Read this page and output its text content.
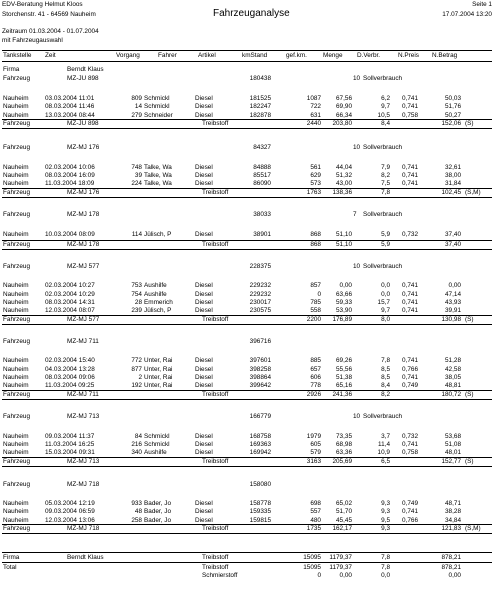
EDV-Beratung Helmut Kloos
Storchenstr. 41 - 64569 Nauheim	Fahrzeuganalyse
Seite 1
17.07.2004 13:20
Zeitraum 01.03.2004 - 01.07.2004
mit Fahrzeugauswahl
Tankstelle Zeit	Vorgang	Fahrer	Artikel	kmStand	gef.km.	Menge D.Verbr.	N.Preis N.Betrag
Firma	Berndt Klaus
Fahrzeug	MZ-JU 898	180438	10 Sollverbrauch
Nauheim	03.03.2004 11:01	809 Schmickl	Diesel	181525	1087 67,56	6,2 0,741	50,03
Nauheim	08.03.2004 11:46	14 Schmickl	Diesel	182247	722 69,90	9,7 0,741	51,76
Nauheim	13.03.2004 08:44	279 Schneider	Diesel	182878	631 66,34	10,5 0,758	50,27
Fahrzeug	MZ-JU 898	Treibstoff	2440 203,80	8,4	152,06 (S)
Fahrzeug	MZ-MJ 176	84327	10 Sollverbrauch
Nauheim	02.03.2004 10:06	748 Talke, Wa	Diesel	84888	561 44,04	7,9 0,741	32,61
Nauheim	08.03.2004 16:09	39 Talke, Wa	Diesel	85517	629 51,32	8,2 0,741	38,00
Nauheim	11.03.2004 18:09	224 Talke, Wa	Diesel	86090	573 43,00	7,5 0,741	31,84
Fahrzeug	MZ-MJ 176	Treibstoff	1763 138,36	7,8	102,45 (S,M)
Fahrzeug	MZ-MJ 178	38033	7 Sollverbrauch
Nauheim	10.03.2004 08:09	114 Jülisch, P	Diesel	38901	868 51,10	5,9 0,732	37,40
Fahrzeug	MZ-MJ 178	Treibstoff	868 51,10	5,9	37,40
Fahrzeug	MZ-MJ 577	228375	10 Sollverbrauch
Nauheim	02.03.2004 10:27	753 Aushilfe	Diesel	229232	857	0,00	0,0 0,741	0,00
Nauheim	02.03.2004 10:29	754 Aushilfe	Diesel	229232	0 63,66	0,0 0,741	47,14
Nauheim	08.03.2004 14:31	28 Emmerich	Diesel	230017	785 59,33	15,7 0,741	43,93
Nauheim	12.03.2004 08:07	239 Jülisch, P	Diesel	230575	558 53,90	9,7 0,741	39,91
Fahrzeug	MZ-MJ 577	Treibstoff	2200 176,89	8,0	130,98 (S)
Fahrzeug	MZ-MJ 711	396716
Nauheim	02.03.2004 15:40	772 Unter, Rai	Diesel	397601	885 69,26	7,8 0,741	51,28
Nauheim	04.03.2004 13:28	877 Unter, Rai	Diesel	398258	657 55,56	8,5 0,766	42,58
Nauheim	08.03.2004 09:06	2 Unter, Rai	Diesel	398864	606 51,38	8,5 0,741	38,05
Nauheim	11.03.2004 09:25	192 Unter, Rai	Diesel	399642	778 65,16	8,4 0,749	48,81
Fahrzeug	MZ-MJ 711	Treibstoff	2926 241,36	8,2	180,72 (S)
Fahrzeug	MZ-MJ 713	166779	10 Sollverbrauch
Nauheim	09.03.2004 11:37	84 Schmickl	Diesel	168758	1979 73,35	3,7 0,732	53,68
Nauheim	11.03.2004 16:25	216 Schmickl	Diesel	169363	605 68,98	11,4 0,741	51,08
Nauheim	15.03.2004 09:31	340 Aushilfe	Diesel	169942	579 63,36	10,9 0,758	48,01
Fahrzeug	MZ-MJ 713	Treibstoff	3163 205,69	6,5	152,77 (S)
Fahrzeug	MZ-MJ 718	158080
Nauheim	05.03.2004 12:19	933 Bader, Jo	Diesel	158778	698 65,02	9,3 0,749	48,71
Nauheim	09.03.2004 06:59	48 Bader, Jo	Diesel	159335	557 51,70	9,3 0,741	38,28
Nauheim	12.03.2004 13:06	258 Bader, Jo	Diesel	159815	480 45,45	9,5 0,766	34,84
Fahrzeug	MZ-MJ 718	Treibstoff	1735 162,17	9,3	121,83 (S,M)
Firma	Berndt Klaus	Treibstoff	15095 1179,37	7,8	878,21
Total	Treibstoff	15095 1179,37	7,8	878,21
Schmierstoff	0	0,00	0,0	0,00
